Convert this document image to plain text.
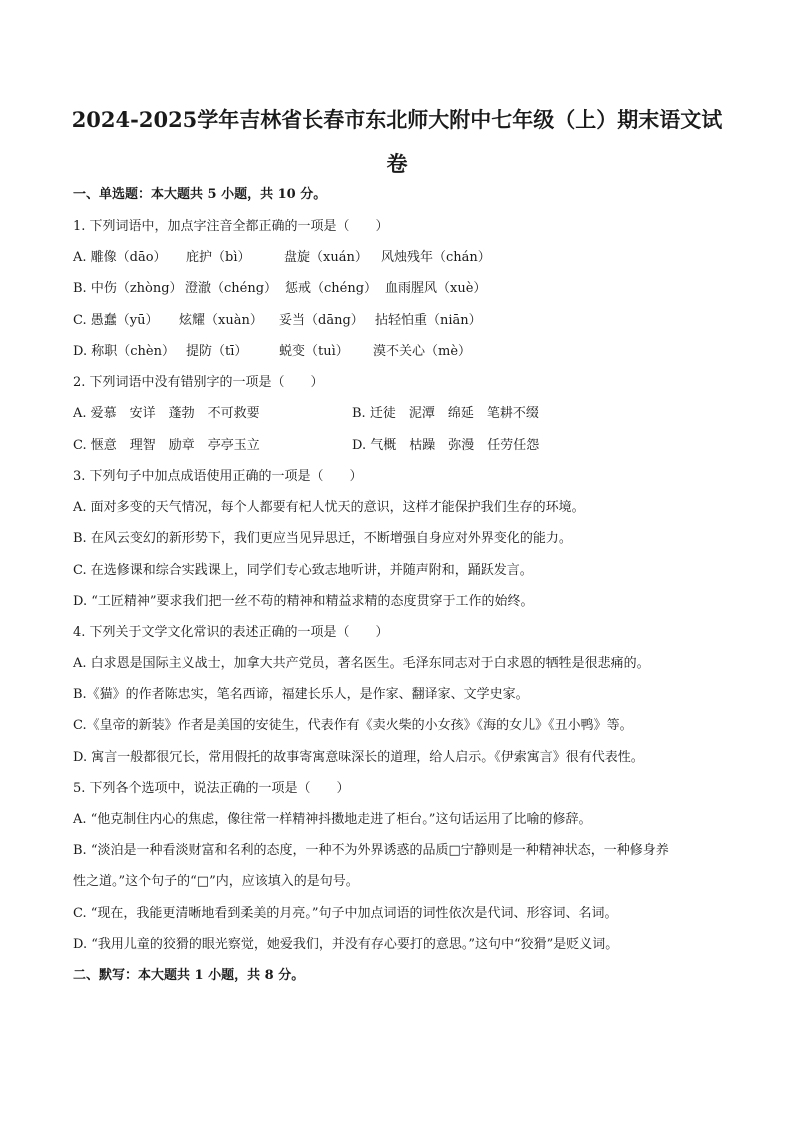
2024-2025学年吉林省长春市东北师大附中七年级（上）期末语文试
卷
一、单选题：本大题共 5 小题，共 10 分。
1. 下列词语中，加点字注音全都正确的一项是（　　）
A. 雕像（dāo） 庇护（bì）	盘旋（xuán） 风烛残年（chán）
B. 中伤（zhòng） 澄澈（chéng） 惩戒（chéng） 血雨腥风（xuè）
C. 愚蠢（yū） 炫耀（xuàn） 妥当（dāng） 拈轻怕重（niān）
D. 称职（chèn） 提防（tī） 蜕变（tuì） 漠不关心（mè）
2. 下列词语中没有错别字的一项是（　　）
A. 爱慕　安详　蓬勃　不可救要	B. 迁徒　泥潭　绵延　笔耕不缀
C. 惬意　理智　励章　亭亭玉立	D. 气概　枯躁　弥漫　任劳任怨
3. 下列句子中加点成语使用正确的一项是（　　）
A. 面对多变的天气情况，每个人都要有杞人忧天的意识，这样才能保护我们生存的环境。
B. 在风云变幻的新形势下，我们更应当见异思迁，不断增强自身应对外界变化的能力。
C. 在选修课和综合实践课上，同学们专心致志地听讲，并随声附和，踊跃发言。
D. “工匠精神”要求我们把一丝不苟的精神和精益求精的态度贯穿于工作的始终。
4. 下列关于文学文化常识的表述正确的一项是（　　）
A. 白求恩是国际主义战士，加拿大共产党员，著名医生。毛泽东同志对于白求恩的牺牲是很悲痛的。
B.《猫》的作者陈忠实，笔名西谛，福建长乐人，是作家、翻译家、文学史家。
C.《皇帝的新装》作者是美国的安徒生，代表作有《卖火柴的小女孩》《海的女儿》《丑小鸭》等。
D. 寓言一般都很冗长，常用假托的故事寄寓意味深长的道理，给人启示。《伊索寓言》很有代表性。
5. 下列各个选项中，说法正确的一项是（　　）
A. “他克制住内心的焦虑，像往常一样精神抖擞地走进了柜台。”这句话运用了比喻的修辞。
B. “淡泊是一种看淡财富和名利的态度，一种不为外界诱惑的品质□宁静则是一种精神状态，一种修身养
性之道。”这个句子的“□”内，应该填入的是句号。
C. “现在，我能更清晰地看到柔美的月亮。”句子中加点词语的词性依次是代词、形容词、名词。
D. “我用儿童的狡猾的眼光察觉，她爱我们，并没有存心要打的意思。”这句中“狡猾”是贬义词。
二、默写：本大题共 1 小题，共 8 分。
